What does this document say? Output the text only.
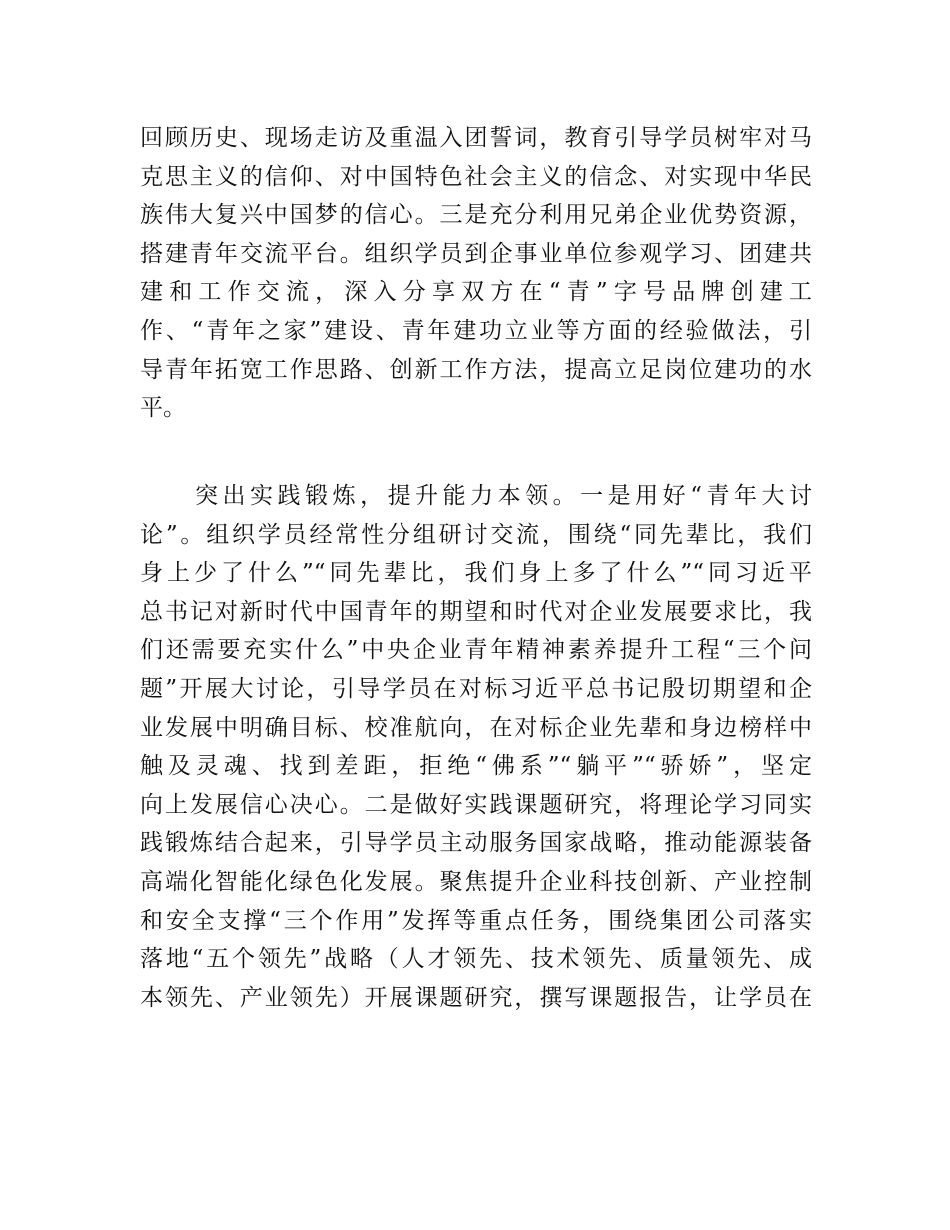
回顾历史、现场走访及重温入团誓词，教育引导学员树牢对马
克思主义的信仰、对中国特色社会主义的信念、对实现中华民
族伟大复兴中国梦的信心。三是充分利用兄弟企业优势资源，
搭建青年交流平台。组织学员到企事业单位参观学习、团建共
建和工作交流，深入分享双方在“青”字号品牌创建工
作、“青年之家”建设、青年建功立业等方面的经验做法，引
导青年拓宽工作思路、创新工作方法，提高立足岗位建功的水
平。
　　突出实践锻炼，提升能力本领。一是用好“青年大讨
论”。组织学员经常性分组研讨交流，围绕“同先辈比，我们
身上少了什么”“同先辈比，我们身上多了什么”“同习近平
总书记对新时代中国青年的期望和时代对企业发展要求比，我
们还需要充实什么”中央企业青年精神素养提升工程“三个问
题”开展大讨论，引导学员在对标习近平总书记殷切期望和企
业发展中明确目标、校准航向，在对标企业先辈和身边榜样中
触及灵魂、找到差距，拒绝“佛系”“躺平”“骄娇”，坚定
向上发展信心决心。二是做好实践课题研究，将理论学习同实
践锻炼结合起来，引导学员主动服务国家战略，推动能源装备
高端化智能化绿色化发展。聚焦提升企业科技创新、产业控制
和安全支撑“三个作用”发挥等重点任务，围绕集团公司落实
落地“五个领先”战略（人才领先、技术领先、质量领先、成
本领先、产业领先）开展课题研究，撰写课题报告，让学员在
